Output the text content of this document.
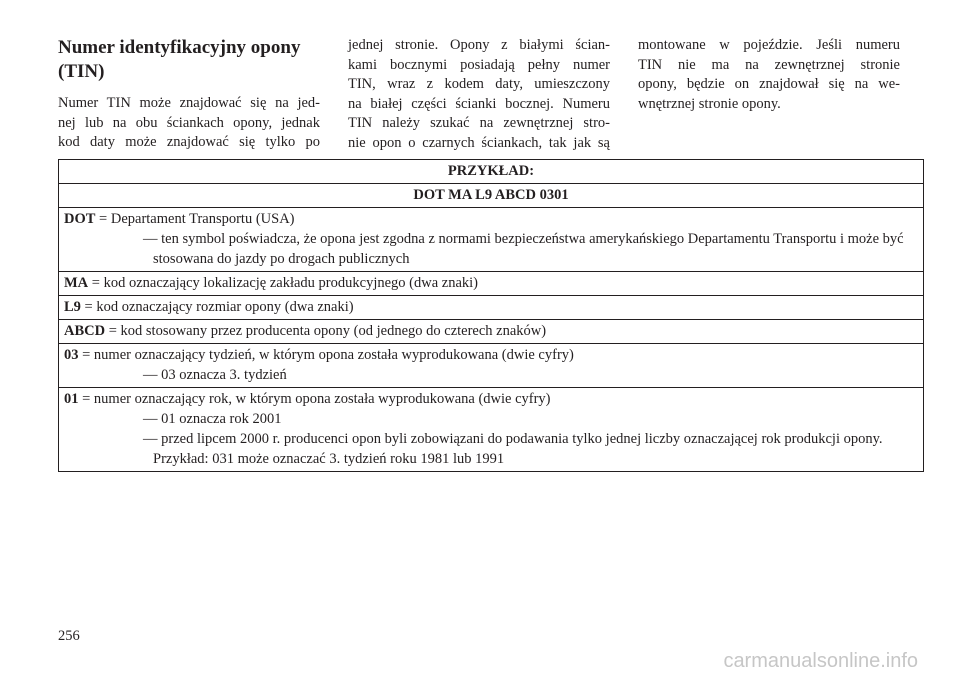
Numer identyfikacyjny opony
(TIN)
Numer TIN może znajdować się na jed-
nej lub na obu ściankach opony, jednak
kod daty może znajdować się tylko po
jednej stronie. Opony z białymi ścian-
kami bocznymi posiadają pełny numer
TIN, wraz z kodem daty, umieszczony
na białej części ścianki bocznej. Numeru
TIN należy szukać na zewnętrznej stro-
nie opon o czarnych ściankach, tak jak są
montowane w pojeździe. Jeśli numeru
TIN nie ma na zewnętrznej stronie
opony, będzie on znajdował się na we-
wnętrznej stronie opony.
PRZYKŁAD:
DOT MA L9 ABCD 0301

DOT = Departament Transportu (USA)
— ten symbol poświadcza, że opona jest zgodna z normami bezpieczeństwa amerykańskiego Departamentu Transportu i może być stosowana do jazdy po drogach publicznych

MA = kod oznaczający lokalizację zakładu produkcyjnego (dwa znaki)
L9 = kod oznaczający rozmiar opony (dwa znaki)
ABCD = kod stosowany przez producenta opony (od jednego do czterech znaków)

03 = numer oznaczający tydzień, w którym opona została wyprodukowana (dwie cyfry)
— 03 oznacza 3. tydzień

01 = numer oznaczający rok, w którym opona została wyprodukowana (dwie cyfry)
— 01 oznacza rok 2001
— przed lipcem 2000 r. producenci opon byli zobowiązani do podawania tylko jednej liczby oznaczającej rok produkcji opony. Przykład: 031 może oznaczać 3. tydzień roku 1981 lub 1991
256
carmanualsonline.info
